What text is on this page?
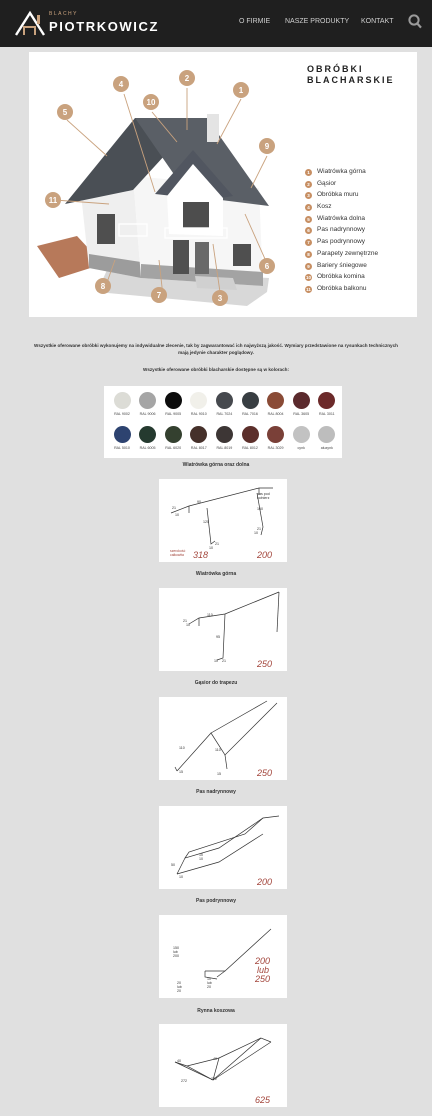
BLACHY
PIOTRKOWICZ	O FIRMIE NASZE PRODUKTY KONTAKT
1
2
3
4
5
6
7
8
9
10
11
OBRÓBKI BLACHARSKIE
1	Wiatrówka górna
2	Gąsior
3	Obróbka muru
4	Kosz
5	Wiatrówka dolna
6	Pas nadrynnowy
7	Pas podrynnowy
8	Parapety zewnętrzne
9	Bariery śniegowe
10 Obróbka komina
11 Obróbka balkonu
Wszystkie oferowane obróbki wykonujemy na indywidualne zlecenie, tak by zagwarantować ich najwyższą jakość. Wymiary przedstawione na rysunkach technicznych mają jedynie charakter poglądowy.
Wszystkie oferowane obróbki blacharskie dostępne są w kolorach:
RAL 9002	RAL 9006	RAL 9005	RAL 9010	RAL 7024	RAL 7016	RAL 8004	RAL 3605	RAL 3011
RAL 5010	RAL 6005	RAL 6020	RAL 8017	RAL 8019	RAL 8012	RAL 3029	cynk	aluzynk
Wiatrówka górna oraz dolna
21
90
10
125
21
10
pas pod
kołnierz
160
21
10
szerokość
całkowita 318	200
Wiatrówka górna
21
10
110
95
10 21	250
Gąsior do trapezu
110	110
15	15	250
Pas nadrynnowy
10
10
50
10	200
Pas podrynnowy
150
lub
200
20
lub
20
10
lub
20
200
lub
250
Rynna koszowa
40	40
272	272
625
